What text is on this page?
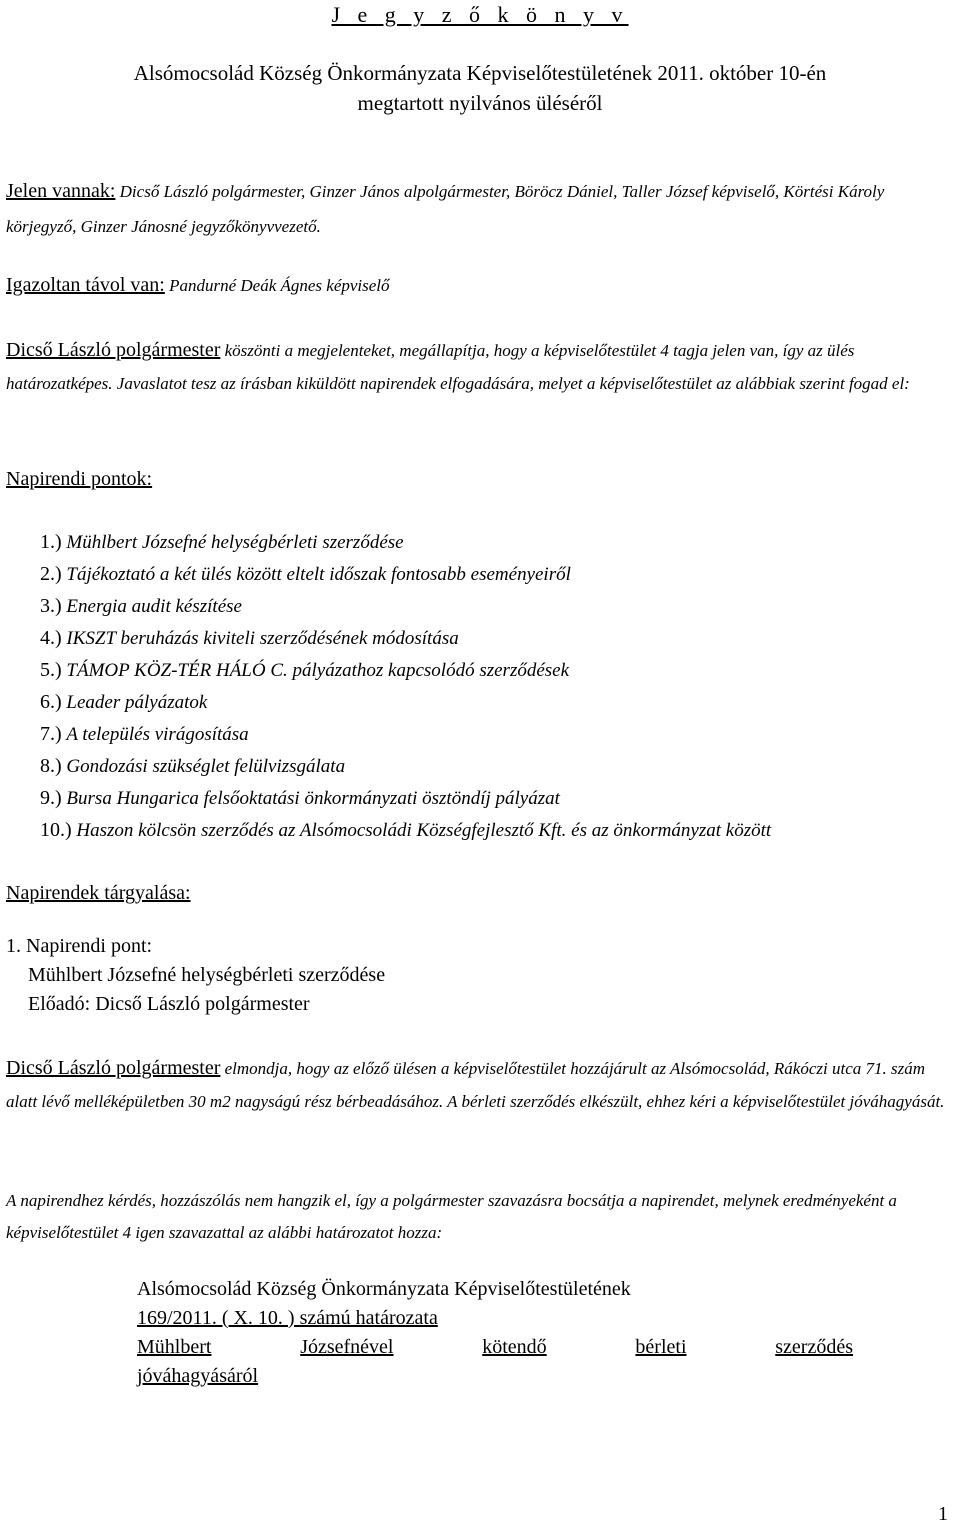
J e g y z ő k ö n y v
Alsómocsolád Község Önkormányzata Képviselőtestületének 2011. október 10-én
megtartott nyilvános üléséről
Jelen vannak: Dicső László polgármester, Ginzer János alpolgármester, Böröcz Dániel, Taller József képviselő, Körtési Károly körjegyző, Ginzer Jánosné jegyzőkönyvvezető.
Igazoltan távol van: Pandurné Deák Ágnes képviselő
Dicső László polgármester köszönti a megjelenteket, megállapítja, hogy a képviselőtestület 4 tagja jelen van, így az ülés határozatképes. Javaslatot tesz az írásban kiküldött napirendek elfogadására, melyet a képviselőtestület az alábbiak szerint fogad el:
Napirendi pontok:
1.) Mühlbert Józsefné helységbérleti szerződése
2.) Tájékoztató a két ülés között eltelt időszak fontosabb eseményeiről
3.) Energia audit készítése
4.) IKSZT beruházás kiviteli szerződésének módosítása
5.) TÁMOP KÖZ-TÉR HÁLÓ C. pályázathoz kapcsolódó szerződések
6.) Leader pályázatok
7.) A település virágosítása
8.) Gondozási szükséglet felülvizsgálata
9.) Bursa Hungarica felsőoktatási önkormányzati ösztöndíj pályázat
10.) Haszon kölcsön szerződés az Alsómocsoládi Községfejlesztő Kft. és az önkormányzat között
Napirendek tárgyalása:
1. Napirendi pont:
Mühlbert Józsefné helységbérleti szerződése
Előadó: Dicső László polgármester
Dicső László polgármester elmondja, hogy az előző ülésen a képviselőtestület hozzájárult az Alsómocsolád, Rákóczi utca 71. szám alatt lévő melléképületben 30 m2 nagyságú rész bérbeadásához. A bérleti szerződés elkészült, ehhez kéri a képviselőtestület jóváhagyását.
A napirendhez kérdés, hozzászólás nem hangzik el, így a polgármester szavazásra bocsátja a napirendet, melynek eredményeként a képviselőtestület 4 igen szavazattal az alábbi határozatot hozza:
Alsómocsolád Község Önkormányzata Képviselőtestületének
169/2011. ( X. 10. ) számú határozata
Mühlbert	Józsefnével	kötendő	bérleti	szerződés
jóváhagyásáról
1
